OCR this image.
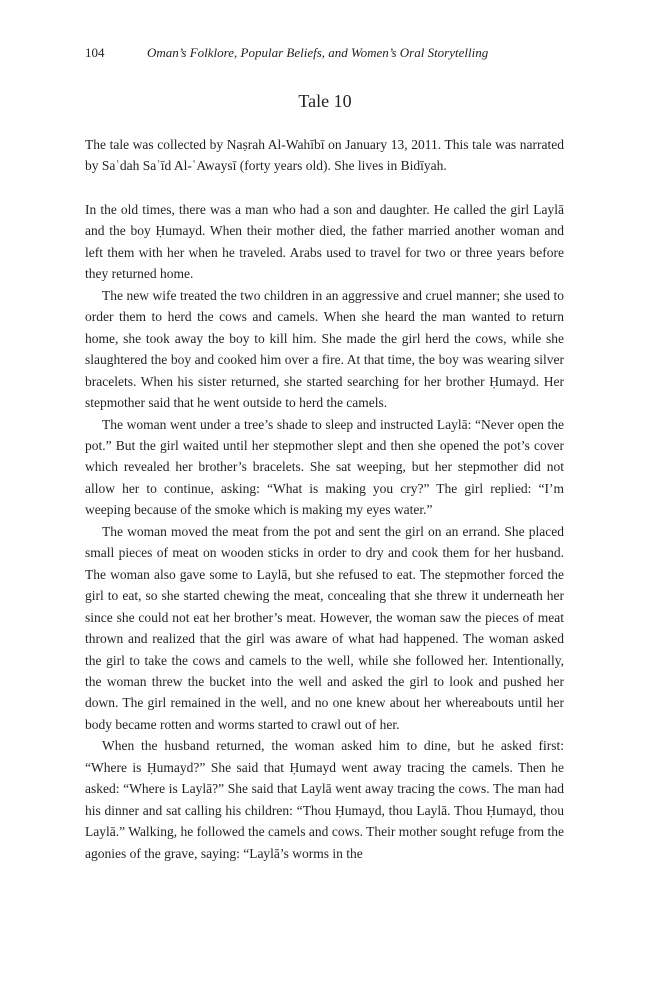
104	Oman’s Folklore, Popular Beliefs, and Women’s Oral Storytelling
Tale 10

The tale was collected by Naṣrah Al-Wahībī on January 13, 2011. This tale was narrated by Saʿdah Saʿīd Al-ʿAwaysī (forty years old). She lives in Bidīyah.

In the old times, there was a man who had a son and daughter. He called the girl Laylā and the boy Ḥumayd. When their mother died, the father married another woman and left them with her when he traveled. Arabs used to travel for two or three years before they returned home.

The new wife treated the two children in an aggressive and cruel manner; she used to order them to herd the cows and camels. When she heard the man wanted to return home, she took away the boy to kill him. She made the girl herd the cows, while she slaughtered the boy and cooked him over a fire. At that time, the boy was wearing silver bracelets. When his sister returned, she started searching for her brother Ḥumayd. Her stepmother said that he went outside to herd the camels.

The woman went under a tree’s shade to sleep and instructed Laylā: “Never open the pot.” But the girl waited until her stepmother slept and then she opened the pot’s cover which revealed her brother’s bracelets. She sat weeping, but her stepmother did not allow her to continue, asking: “What is making you cry?” The girl replied: “I’m weeping because of the smoke which is making my eyes water.”

The woman moved the meat from the pot and sent the girl on an errand. She placed small pieces of meat on wooden sticks in order to dry and cook them for her husband. The woman also gave some to Laylā, but she refused to eat. The stepmother forced the girl to eat, so she started chewing the meat, concealing that she threw it underneath her since she could not eat her brother’s meat. However, the woman saw the pieces of meat thrown and realized that the girl was aware of what had happened. The woman asked the girl to take the cows and camels to the well, while she followed her. Intentionally, the woman threw the bucket into the well and asked the girl to look and pushed her down. The girl remained in the well, and no one knew about her whereabouts until her body became rotten and worms started to crawl out of her.

When the husband returned, the woman asked him to dine, but he asked first: “Where is Ḥumayd?” She said that Ḥumayd went away tracing the camels. Then he asked: “Where is Laylā?” She said that Laylā went away tracing the cows. The man had his dinner and sat calling his children: “Thou Ḥumayd, thou Laylā. Thou Ḥumayd, thou Laylā.” Walking, he followed the camels and cows. Their mother sought refuge from the agonies of the grave, saying: “Laylā’s worms in the
